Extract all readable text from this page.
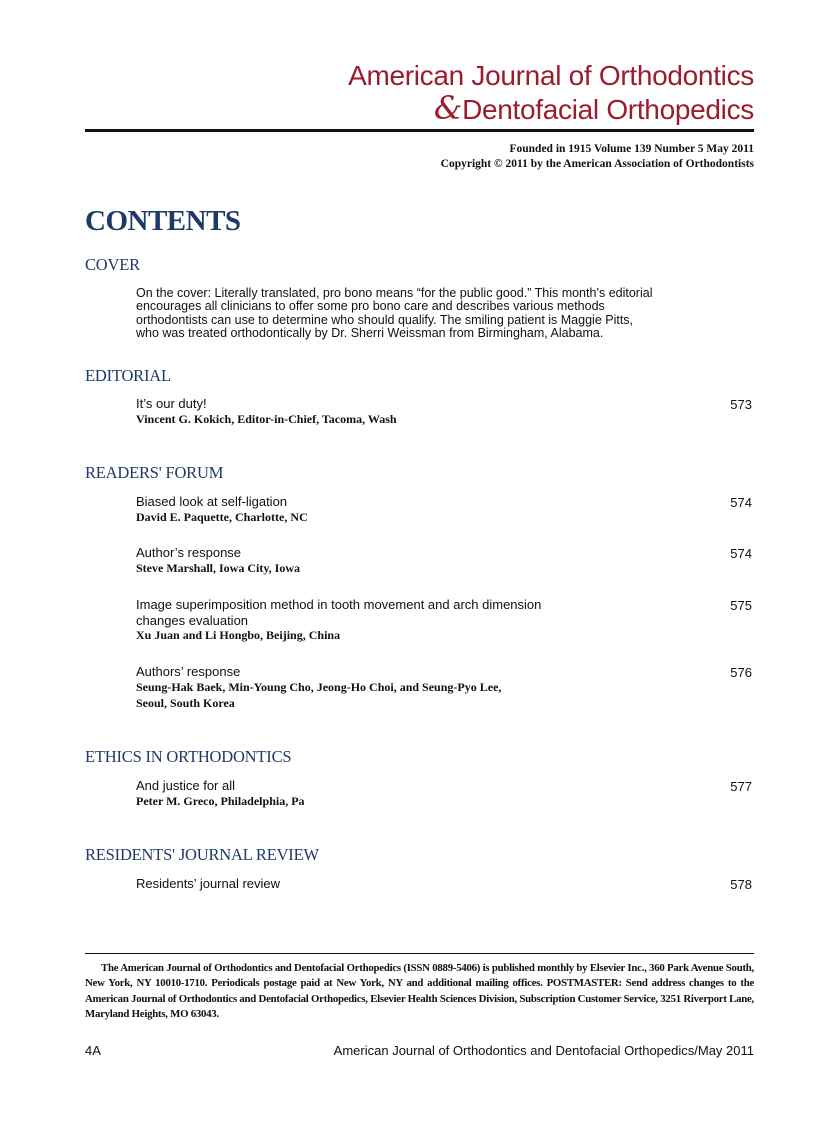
American Journal of Orthodontics
&Dentofacial Orthopedics
Founded in 1915 Volume 139 Number 5 May 2011
Copyright © 2011 by the American Association of Orthodontists
CONTENTS
COVER
On the cover: Literally translated, pro bono means “for the public good.” This month’s editorial
encourages all clinicians to offer some pro bono care and describes various methods
orthodontists can use to determine who should qualify. The smiling patient is Maggie Pitts,
who was treated orthodontically by Dr. Sherri Weissman from Birmingham, Alabama.
EDITORIAL
It’s our duty!
Vincent G. Kokich, Editor-in-Chief, Tacoma, Wash
573
READERS' FORUM
Biased look at self-ligation
David E. Paquette, Charlotte, NC
574
Author’s response
Steve Marshall, Iowa City, Iowa
574
Image superimposition method in tooth movement and arch dimension
changes evaluation
Xu Juan and Li Hongbo, Beijing, China
575
Authors’ response
Seung-Hak Baek, Min-Young Cho, Jeong-Ho Choi, and Seung-Pyo Lee,
Seoul, South Korea
576
ETHICS IN ORTHODONTICS
And justice for all
Peter M. Greco, Philadelphia, Pa
577
RESIDENTS' JOURNAL REVIEW
Residents’ journal review	578
The American Journal of Orthodontics and Dentofacial Orthopedics (ISSN 0889-5406) is published monthly by Elsevier Inc., 360 Park Avenue South, New York, NY 10010-1710. Periodicals postage paid at New York, NY and additional mailing offices. POSTMASTER: Send address changes to the American Journal of Orthodontics and Dentofacial Orthopedics, Elsevier Health Sciences Division, Subscription Customer Service, 3251 Riverport Lane, Maryland Heights, MO 63043.
4A	American Journal of Orthodontics and Dentofacial Orthopedics/May 2011
